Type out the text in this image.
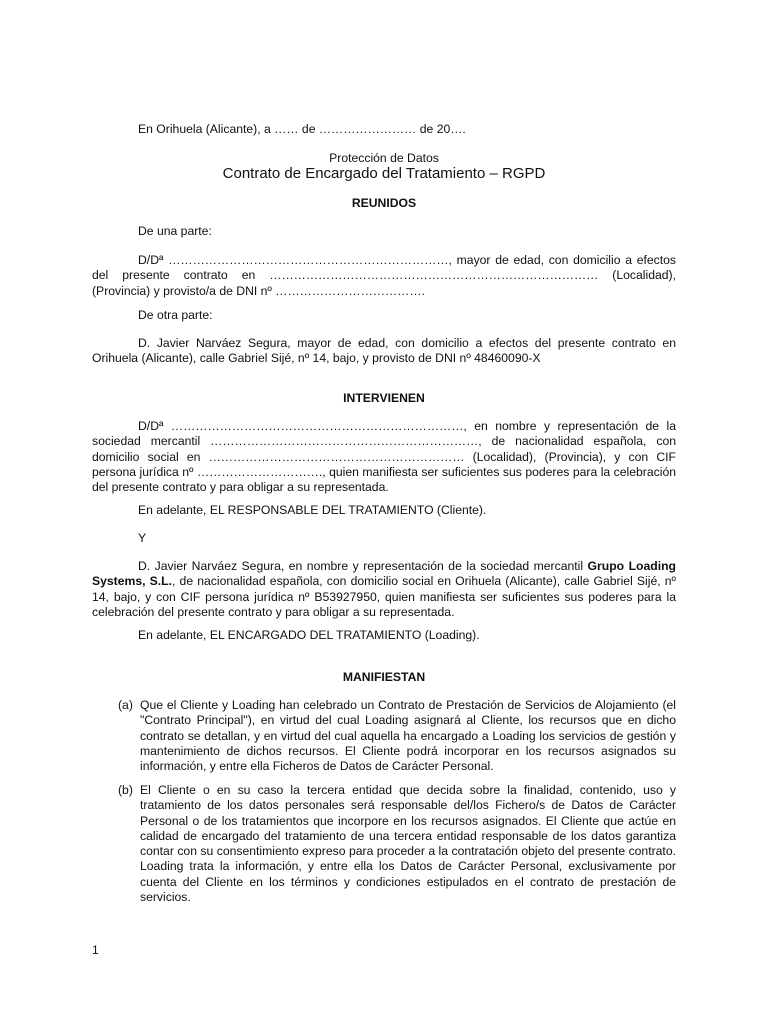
En Orihuela (Alicante), a …… de …………………… de 20….

Protección de Datos

Contrato de Encargado del Tratamiento – RGPD

REUNIDOS

De una parte:

D/Dª ……………………………………………………………, mayor de edad, con domicilio a efectos del presente contrato en ……………………………………………………………………… (Localidad), (Provincia) y provisto/a de DNI nº ……………………………….

De otra parte:

D. Javier Narváez Segura, mayor de edad, con domicilio a efectos del presente contrato en Orihuela (Alicante), calle Gabriel Sijé, nº 14, bajo, y provisto de DNI nº 48460090-X

INTERVIENEN

D/Dª ………………………………………………………………, en nombre y representación de la sociedad mercantil …………………………………………………………, de nacionalidad española, con domicilio social en ……………………………………………………… (Localidad), (Provincia), y con CIF persona jurídica nº …………………………., quien manifiesta ser suficientes sus poderes para la celebración del presente contrato y para obligar a su representada.

En adelante, EL RESPONSABLE DEL TRATAMIENTO (Cliente).

Y

D. Javier Narváez Segura, en nombre y representación de la sociedad mercantil Grupo Loading Systems, S.L., de nacionalidad española, con domicilio social en Orihuela (Alicante), calle Gabriel Sijé, nº 14, bajo, y con CIF persona jurídica nº B53927950, quien manifiesta ser suficientes sus poderes para la celebración del presente contrato y para obligar a su representada.

En adelante, EL ENCARGADO DEL TRATAMIENTO (Loading).

MANIFIESTAN

(a) Que el Cliente y Loading han celebrado un Contrato de Prestación de Servicios de Alojamiento (el "Contrato Principal"), en virtud del cual Loading asignará al Cliente, los recursos que en dicho contrato se detallan, y en virtud del cual aquella ha encargado a Loading los servicios de gestión y mantenimiento de dichos recursos. El Cliente podrá incorporar en los recursos asignados su información, y entre ella Ficheros de Datos de Carácter Personal.
(b) El Cliente o en su caso la tercera entidad que decida sobre la finalidad, contenido, uso y tratamiento de los datos personales será responsable del/los Fichero/s de Datos de Carácter Personal o de los tratamientos que incorpore en los recursos asignados. El Cliente que actúe en calidad de encargado del tratamiento de una tercera entidad responsable de los datos garantiza contar con su consentimiento expreso para proceder a la contratación objeto del presente contrato. Loading trata la información, y entre ella los Datos de Carácter Personal, exclusivamente por cuenta del Cliente en los términos y condiciones estipulados en el contrato de prestación de servicios.
1
